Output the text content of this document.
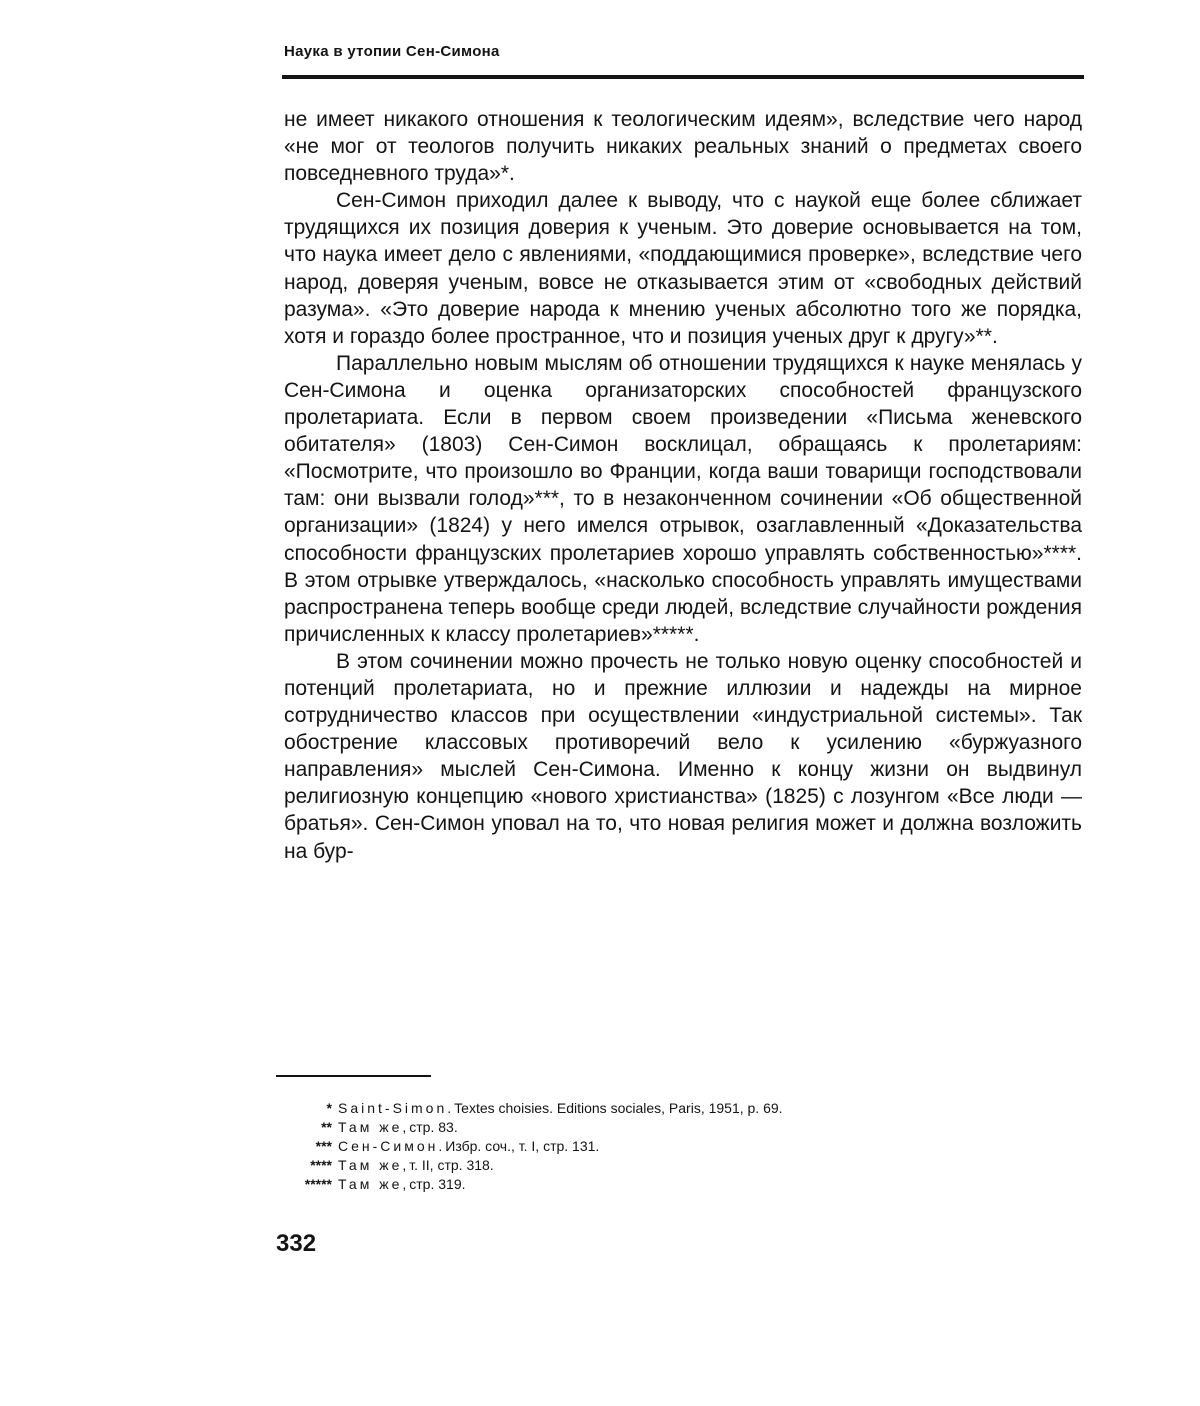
Наука в утопии Сен-Симона

не имеет никакого отношения к теологическим идеям», вследствие чего народ «не мог от теологов получить никаких реальных знаний о предметах своего повседневного труда»*.

Сен-Симон приходил далее к выводу, что с наукой еще более сближает трудящихся их позиция доверия к ученым. Это доверие основывается на том, что наука имеет дело с явлениями, «поддающимися проверке», вследствие чего народ, доверяя ученым, вовсе не отказывается этим от «свободных действий разума». «Это доверие народа к мнению ученых абсолютно того же порядка, хотя и гораздо более пространное, что и позиция ученых друг к другу»**.

Параллельно новым мыслям об отношении трудящихся к науке менялась у Сен-Симона и оценка организаторских способностей французского пролетариата. Если в первом своем произведении «Письма женевского обитателя» (1803) Сен-Симон восклицал, обращаясь к пролетариям: «Посмотрите, что произошло во Франции, когда ваши товарищи господствовали там: они вызвали голод»***, то в незаконченном сочинении «Об общественной организации» (1824) у него имелся отрывок, озаглавленный «Доказательства способности французских пролетариев хорошо управлять собственностью»****. В этом отрывке утверждалось, «насколько способность управлять имуществами распространена теперь вообще среди людей, вследствие случайности рождения причисленных к классу пролетариев»*****.

В этом сочинении можно прочесть не только новую оценку способностей и потенций пролетариата, но и прежние иллюзии и надежды на мирное сотрудничество классов при осуществлении «индустриальной системы». Так обострение классовых противоречий вело к усилению «буржуазного направления» мыслей Сен-Симона. Именно к концу жизни он выдвинул религиозную концепцию «нового христианства» (1825) с лозунгом «Все люди — братья». Сен-Симон уповал на то, что новая религия может и должна возложить на бур-

* Saint-Simon. Textes choisies. Editions sociales, Paris, 1951, p. 69.
** Там же, стр. 83.
*** Сен-Симон. Избр. соч., т. I, стр. 131.
**** Там же, т. II, стр. 318.
***** Там же, стр. 319.
332
